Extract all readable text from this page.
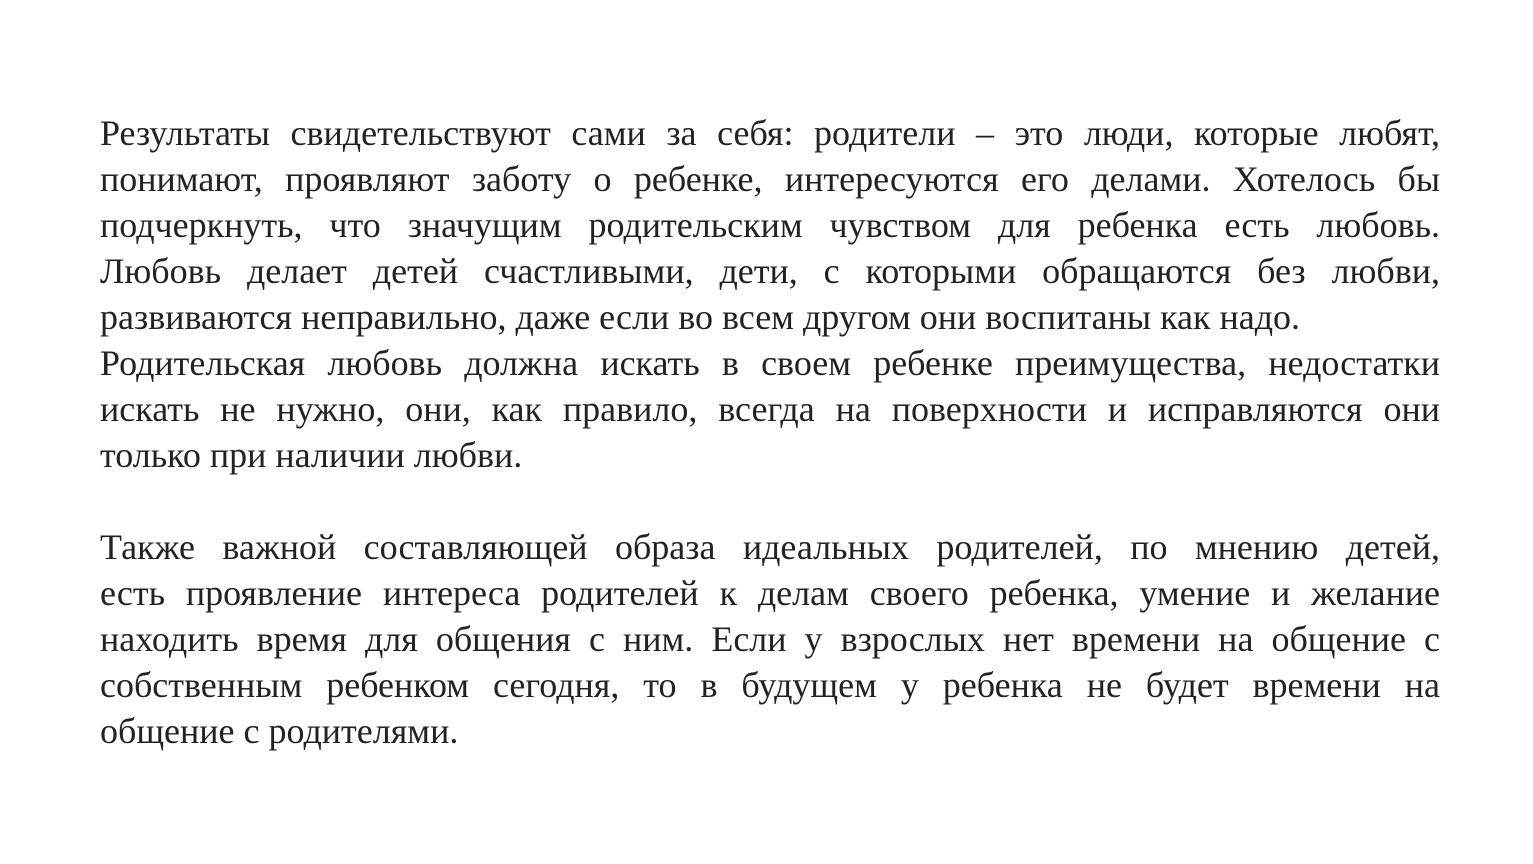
Результаты свидетельствуют сами за себя: родители – это люди, которые любят,
понимают, проявляют заботу о ребенке, интересуются его делами. Хотелось бы
подчеркнуть, что значущим родительским чувством для ребенка есть любовь.
Любовь делает детей счастливыми, дети, с которыми обращаются без любви,
развиваются неправильно, даже если во всем другом они воспитаны как надо.
Родительская любовь должна искать в своем ребенке преимущества, недостатки
искать не нужно, они, как правило, всегда на поверхности и исправляются они
только при наличии любви.
Также важной составляющей образа идеальных родителей, по мнению детей,
есть проявление интереса родителей к делам своего ребенка, умение и желание
находить время для общения с ним. Если у взрослых нет времени на общение с
собственным ребенком сегодня, то в будущем у ребенка не будет времени на
общение с родителями.
